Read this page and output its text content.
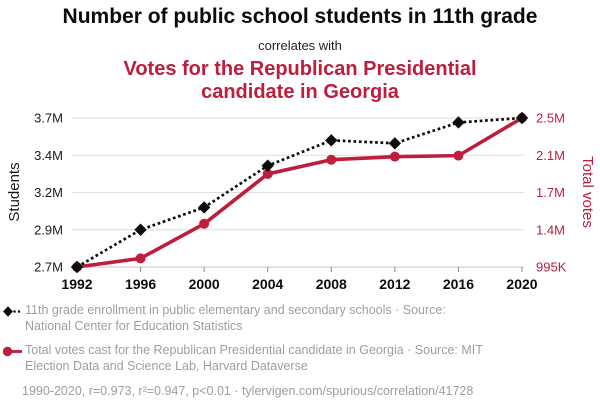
Number of public school students in 11th grade
correlates with
Votes for the Republican Presidential
candidate in Georgia
3.7M	2.5M
3.4M	2.1M
3.2M	1.7M
2.9M	1.4M
2.7M	995K
1992 1996 2000 2004 2008 2012 2016 2020
Students	Total votes
11th grade enrollment in public elementary and secondary schools · Source: National Center for Education Statistics
Total votes cast for the Republican Presidential candidate in Georgia · Source: MIT Election Data and Science Lab, Harvard Dataverse
1990-2020, r=0.973, r²=0.947, p<0.01 · tylervigen.com/spurious/correlation/41728
